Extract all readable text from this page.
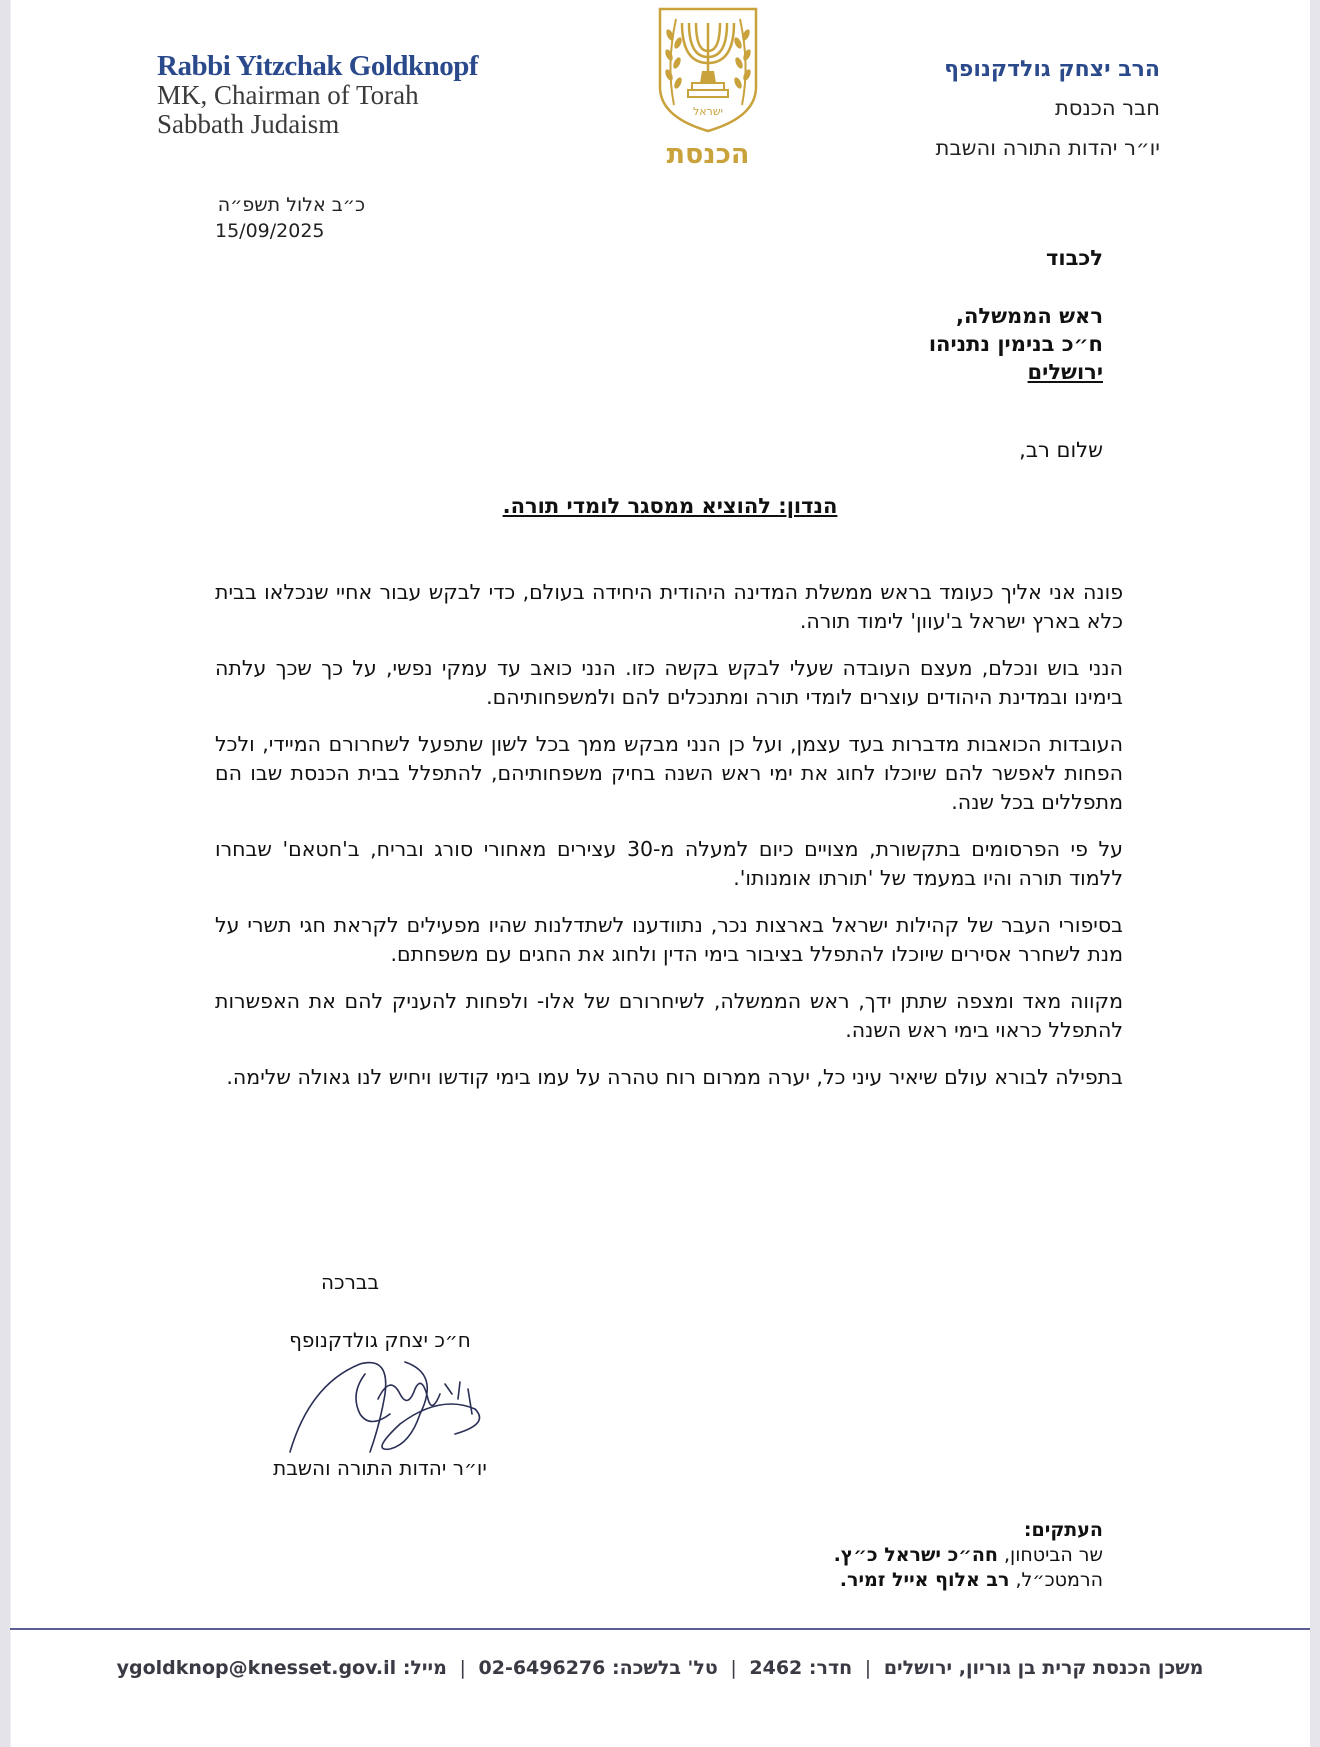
Rabbi Yitzchak Goldknopf
MK, Chairman of Torah
Sabbath Judaism	ישראל
הכנסת
הרב יצחק גולדקנופף
חבר הכנסת
יו״ר יהדות התורה והשבת
כ״ב אלול תשפ״ה
15/09/2025
לכבוד
ראש הממשלה,
ח״כ בנימין נתניהו
ירושלים
שלום רב,
הנדון: להוציא ממסגר לומדי תורה.

פונה אני אליך כעומד בראש ממשלת המדינה היהודית היחידה בעולם, כדי לבקש עבור אחיי שנכלאו בבית כלא בארץ ישראל ב'עוון' לימוד תורה.

הנני בוש ונכלם, מעצם העובדה שעלי לבקש בקשה כזו. הנני כואב עד עמקי נפשי, על כך שכך עלתה בימינו ובמדינת היהודים עוצרים לומדי תורה ומתנכלים להם ולמשפחותיהם.

העובדות הכואבות מדברות בעד עצמן, ועל כן הנני מבקש ממך בכל לשון שתפעל לשחרורם המיידי, ולכל הפחות לאפשר להם שיוכלו לחוג את ימי ראש השנה בחיק משפחותיהם, להתפלל בבית הכנסת שבו הם מתפללים בכל שנה.

על פי הפרסומים בתקשורת, מצויים כיום למעלה מ-30 עצירים מאחורי סורג ובריח, ב'חטאם' שבחרו ללמוד תורה והיו במעמד של 'תורתו אומנותו'.

בסיפורי העבר של קהילות ישראל בארצות נכר, נתוודענו לשתדלנות שהיו מפעילים לקראת חגי תשרי על מנת לשחרר אסירים שיוכלו להתפלל בציבור בימי הדין ולחוג את החגים עם משפחתם.

מקווה מאד ומצפה שתתן ידך, ראש הממשלה, לשיחרורם של אלו- ולפחות להעניק להם את האפשרות להתפלל כראוי בימי ראש השנה.

בתפילה לבורא עולם שיאיר עיני כל, יערה ממרום רוח טהרה על עמו בימי קודשו ויחיש לנו גאולה שלימה.

בברכה
ח״כ יצחק גולדקנופף
יו״ר יהדות התורה והשבת
העתקים:
שר הביטחון, חה״כ ישראל כ״ץ.
הרמטכ״ל, רב אלוף אייל זמיר.
משכן הכנסת קרית בן גוריון, ירושלים | חדר: 2462 | טל' בלשכה: 02-6496276 | מייל: ygoldknop@knesset.gov.il
